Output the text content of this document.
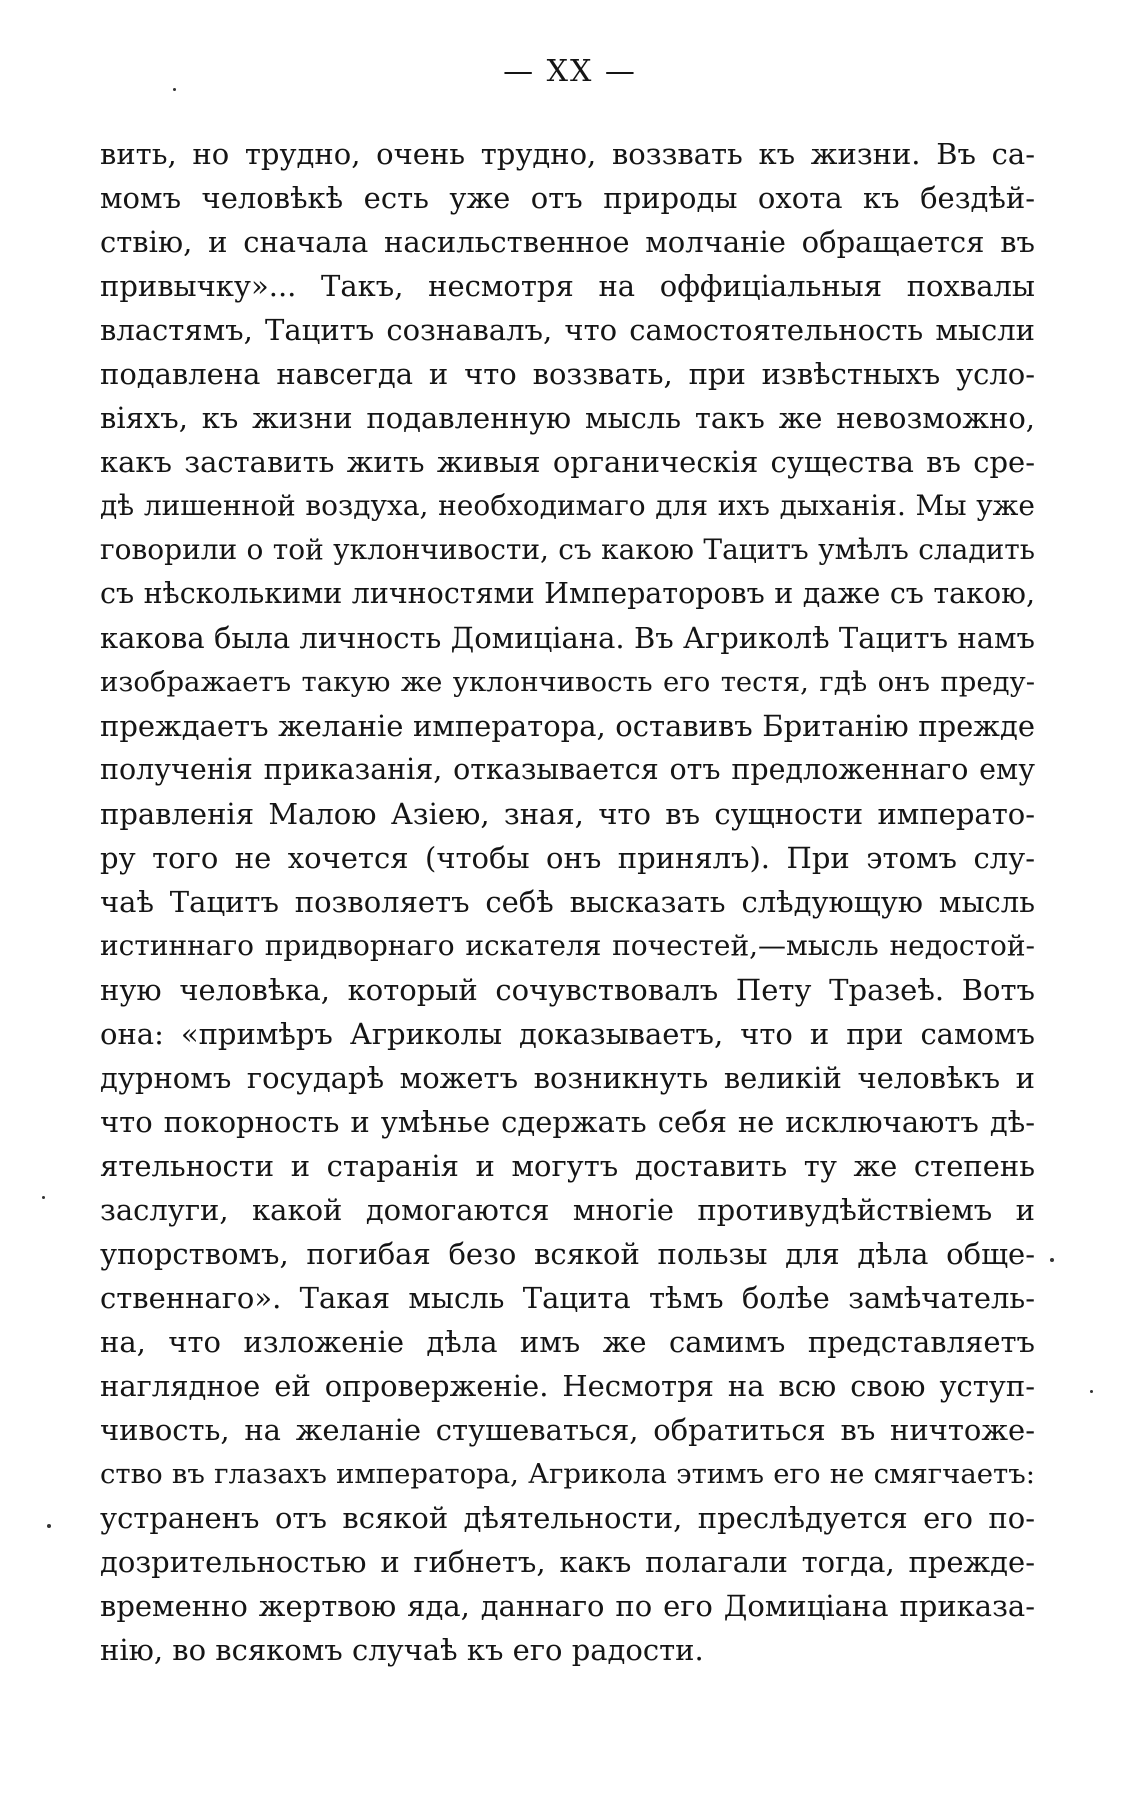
— XX —
вить, но трудно, очень трудно, воззвать къ жизни. Въ са-
момъ человѣкѣ есть уже отъ природы охота къ бездѣй-
ствію, и сначала насильственное молчаніе обращается въ
привычку»... Такъ, несмотря на оффиціальныя похвалы
властямъ, Тацитъ сознавалъ, что самостоятельность мысли
подавлена навсегда и что воззвать, при извѣстныхъ усло-
віяхъ, къ жизни подавленную мысль такъ же невозможно,
какъ заставить жить живыя органическія существа въ сре-
дѣ лишенной воздуха, необходимаго для ихъ дыханія. Мы уже
говорили о той уклончивости, съ какою Тацитъ умѣлъ сладить
съ нѣсколькими личностями Императоровъ и даже съ такою,
какова была личность Домиціана. Въ Агриколѣ Тацитъ намъ
изображаетъ такую же уклончивость его тестя, гдѣ онъ преду-
преждаетъ желаніе императора, оставивъ Британію прежде
полученія приказанія, отказывается отъ предложеннаго ему
правленія Малою Азіею, зная, что въ сущности императо-
ру того не хочется (чтобы онъ принялъ). При этомъ слу-
чаѣ Тацитъ позволяетъ себѣ высказать слѣдующую мысль
истиннаго придворнаго искателя почестей,—мысль недостой-
ную человѣка, который сочувствовалъ Пету Тразеѣ. Вотъ
она: «примѣръ Агриколы доказываетъ, что и при самомъ
дурномъ государѣ можетъ возникнуть великій человѣкъ и
что покорность и умѣнье сдержать себя не исключаютъ дѣ-
ятельности и старанія и могутъ доставить ту же степень
заслуги, какой домогаются многіе противудѣйствіемъ и
упорствомъ, погибая безо всякой пользы для дѣла обще-
ственнаго». Такая мысль Тацита тѣмъ болѣе замѣчатель-
на, что изложеніе дѣла имъ же самимъ представляетъ
наглядное ей опроверженіе. Несмотря на всю свою уступ-
чивость, на желаніе стушеваться, обратиться въ ничтоже-
ство въ глазахъ императора, Агрикола этимъ его не смягчаетъ:
устраненъ отъ всякой дѣятельности, преслѣдуется его по-
дозрительностью и гибнетъ, какъ полагали тогда, прежде-
временно жертвою яда, даннаго по его Домиціана приказа-
нію, во всякомъ случаѣ къ его радости.
